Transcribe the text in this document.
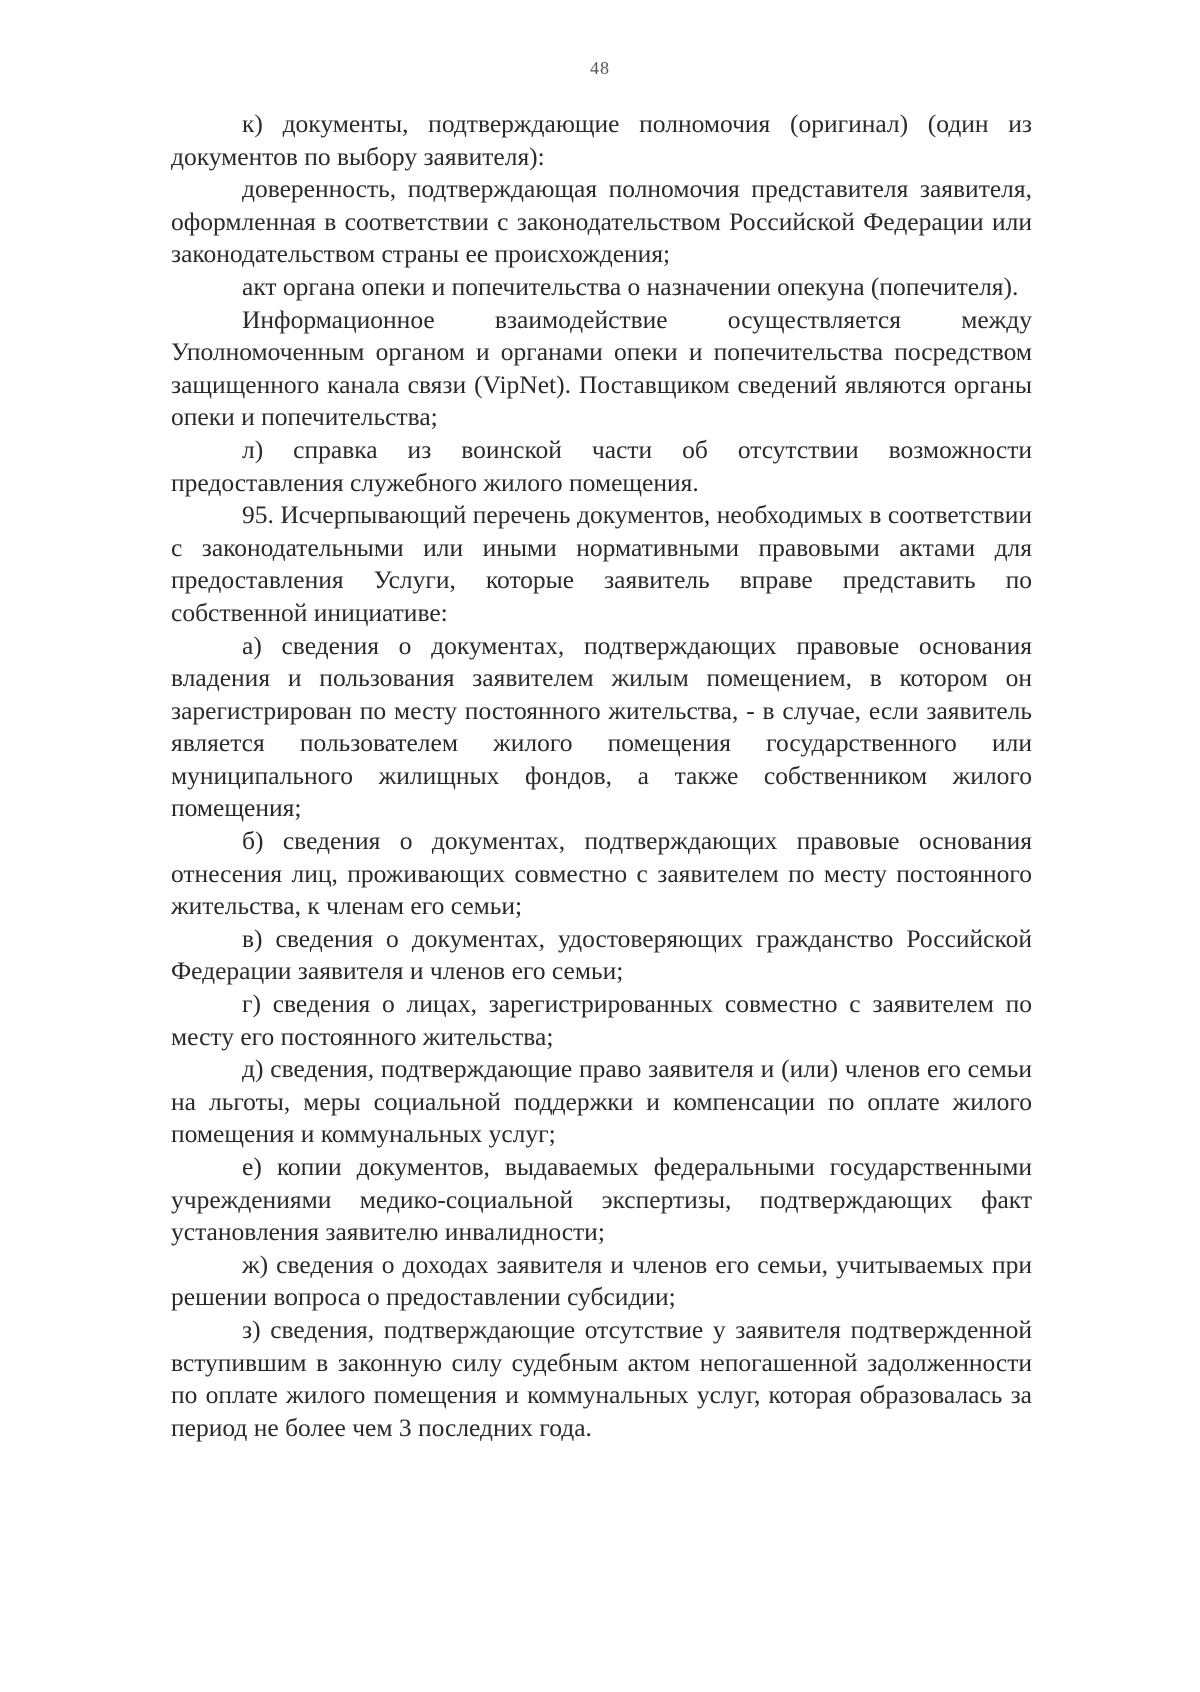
48

к) документы, подтверждающие полномочия (оригинал) (один из документов по выбору заявителя):

доверенность, подтверждающая полномочия представителя заявителя, оформленная в соответствии с законодательством Российской Федерации или законодательством страны ее происхождения;

акт органа опеки и попечительства о назначении опекуна (попечителя).

Информационное взаимодействие осуществляется между Уполномоченным органом и органами опеки и попечительства посредством защищенного канала связи (VipNet). Поставщиком сведений являются органы опеки и попечительства;

л) справка из воинской части об отсутствии возможности предоставления служебного жилого помещения.

95. Исчерпывающий перечень документов, необходимых в соответствии с законодательными или иными нормативными правовыми актами для предоставления Услуги, которые заявитель вправе представить по собственной инициативе:

а) сведения о документах, подтверждающих правовые основания владения и пользования заявителем жилым помещением, в котором он зарегистрирован по месту постоянного жительства, - в случае, если заявитель является пользователем жилого помещения государственного или муниципального жилищных фондов, а также собственником жилого помещения;

б) сведения о документах, подтверждающих правовые основания отнесения лиц, проживающих совместно с заявителем по месту постоянного жительства, к членам его семьи;

в) сведения о документах, удостоверяющих гражданство Российской Федерации заявителя и членов его семьи;

г) сведения о лицах, зарегистрированных совместно с заявителем по месту его постоянного жительства;

д) сведения, подтверждающие право заявителя и (или) членов его семьи на льготы, меры социальной поддержки и компенсации по оплате жилого помещения и коммунальных услуг;

е) копии документов, выдаваемых федеральными государственными учреждениями медико-социальной экспертизы, подтверждающих факт установления заявителю инвалидности;

ж) сведения о доходах заявителя и членов его семьи, учитываемых при решении вопроса о предоставлении субсидии;

з) сведения, подтверждающие отсутствие у заявителя подтвержденной вступившим в законную силу судебным актом непогашенной задолженности по оплате жилого помещения и коммунальных услуг, которая образовалась за период не более чем 3 последних года.
